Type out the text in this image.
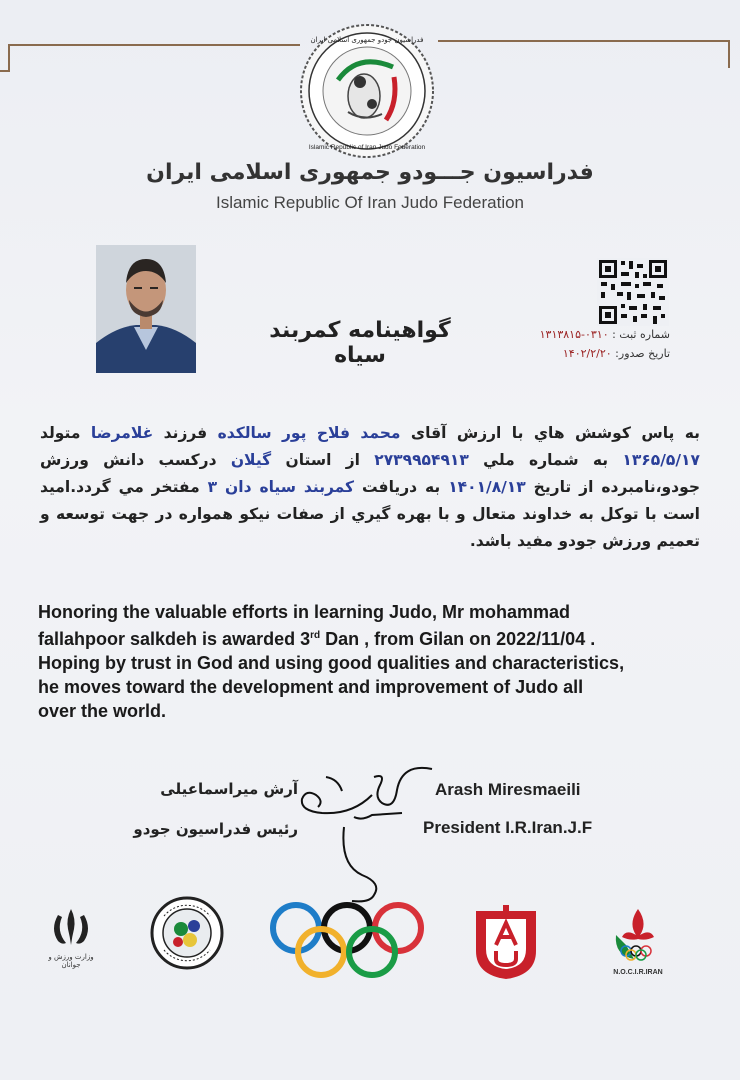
فدراسیون جودو جمهوری اسلامی ایران
Islamic Republic of Iran Judo Federation
فدراسیون جـــودو جمهوری اسلامی ایران
Islamic Republic Of Iran Judo Federation
گواهینامه کمربند سیاه
شماره ثبت : ۰۳۱۰-۱۳۱۳۸۱۵
تاریخ صدور: ۱۴۰۲/۲/۲۰
به پاس کوشش هاي با ارزش آقای محمد فلاح پور سالکده فرزند غلامرضا متولد ۱۳۶۵/۵/۱۷ به شماره ملي ۲۷۳۹۹۵۴۹۱۳ از استان گیلان درکسب دانش ورزش جودو،نامبرده از تاریخ ۱۴۰۱/۸/۱۳ به دریافت کمربند سیاه دان ۳ مفتخر مي گردد.امید است با توکل به خداوند متعال و با بهره گيري از صفات نیکو همواره در جهت توسعه و تعمیم ورزش جودو مفید باشد.
Honoring the valuable efforts in learning Judo, Mr mohammad
fallahpoor salkdeh is awarded 3rd Dan , from Gilan on 2022/11/04 .
Hoping by trust in God and using good qualities and characteristics,
he moves toward the development and improvement of Judo all
over the world.
آرش میراسماعیلی
رئیس فدراسیون جودو
Arash Miresmaeili
President I.R.Iran.J.F
وزارت ورزش و جوانان
N.O.C.I.R.IRAN
